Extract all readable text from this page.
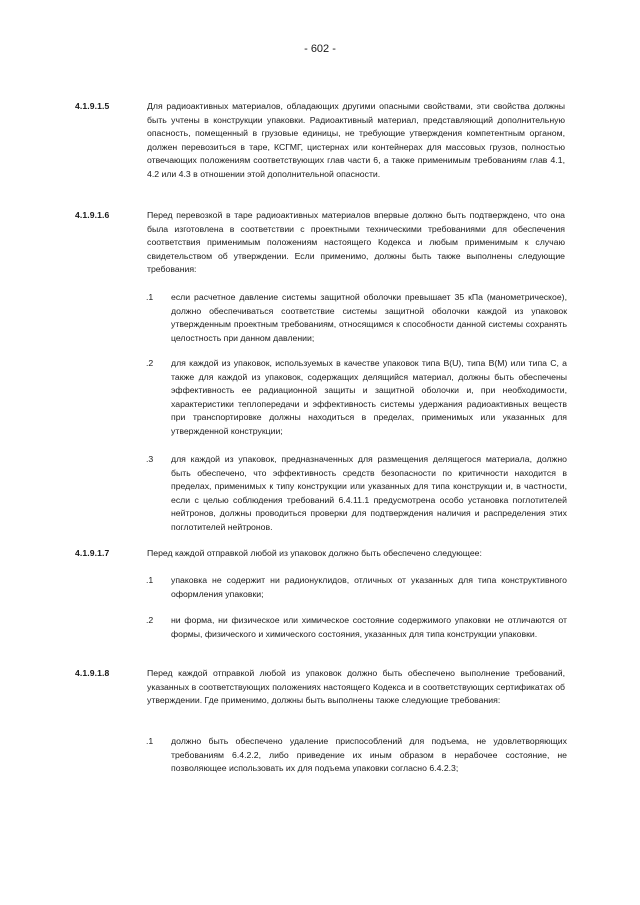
- 602 -
4.1.9.1.5	Для радиоактивных материалов, обладающих другими опасными свойствами, эти свойства должны быть учтены в конструкции упаковки. Радиоактивный материал, представляющий дополнительную опасность, помещенный в грузовые единицы, не требующие утверждения компетентным органом, должен перевозиться в таре, КСГМГ, цистернах или контейнерах для массовых грузов, полностью отвечающих положениям соответствующих глав части 6, а также применимым требованиям глав 4.1, 4.2 или 4.3 в отношении этой дополнительной опасности.
4.1.9.1.6	Перед перевозкой в таре радиоактивных материалов впервые должно быть подтверждено, что она была изготовлена в соответствии с проектными техническими требованиями для обеспечения соответствия применимым положениям настоящего Кодекса и любым применимым к случаю свидетельством об утверждении. Если применимо, должны быть также выполнены следующие требования:
.1 если расчетное давление системы защитной оболочки превышает 35 кПа (манометрическое), должно обеспечиваться соответствие системы защитной оболочки каждой из упаковок утвержденным проектным требованиям, относящимся к способности данной системы сохранять целостность при данном давлении;
.2 для каждой из упаковок, используемых в качестве упаковок типа B(U), типа B(M) или типа C, а также для каждой из упаковок, содержащих делящийся материал, должны быть обеспечены эффективность ее радиационной защиты и защитной оболочки и, при необходимости, характеристики теплопередачи и эффективность системы удержания радиоактивных веществ при транспортировке должны находиться в пределах, применимых или указанных для утвержденной конструкции;
.3 для каждой из упаковок, предназначенных для размещения делящегося материала, должно быть обеспечено, что эффективность средств безопасности по критичности находится в пределах, применимых к типу конструкции или указанных для типа конструкции и, в частности, если с целью соблюдения требований 6.4.11.1 предусмотрена особо установка поглотителей нейтронов, должны проводиться проверки для подтверждения наличия и распределения этих поглотителей нейтронов.
4.1.9.1.7	Перед каждой отправкой любой из упаковок должно быть обеспечено следующее:
.1 упаковка не содержит ни радионуклидов, отличных от указанных для типа конструктивного оформления упаковки;
.2 ни форма, ни физическое или химическое состояние содержимого упаковки не отличаются от формы, физического и химического состояния, указанных для типа конструкции упаковки.
4.1.9.1.8	Перед каждой отправкой любой из упаковок должно быть обеспечено выполнение требований, указанных в соответствующих положениях настоящего Кодекса и в соответствующих сертификатах об утверждении. Где применимо, должны быть выполнены также следующие требования:
.1 должно быть обеспечено удаление приспособлений для подъема, не удовлетворяющих требованиям 6.4.2.2, либо приведение их иным образом в нерабочее состояние, не позволяющее использовать их для подъема упаковки согласно 6.4.2.3;
